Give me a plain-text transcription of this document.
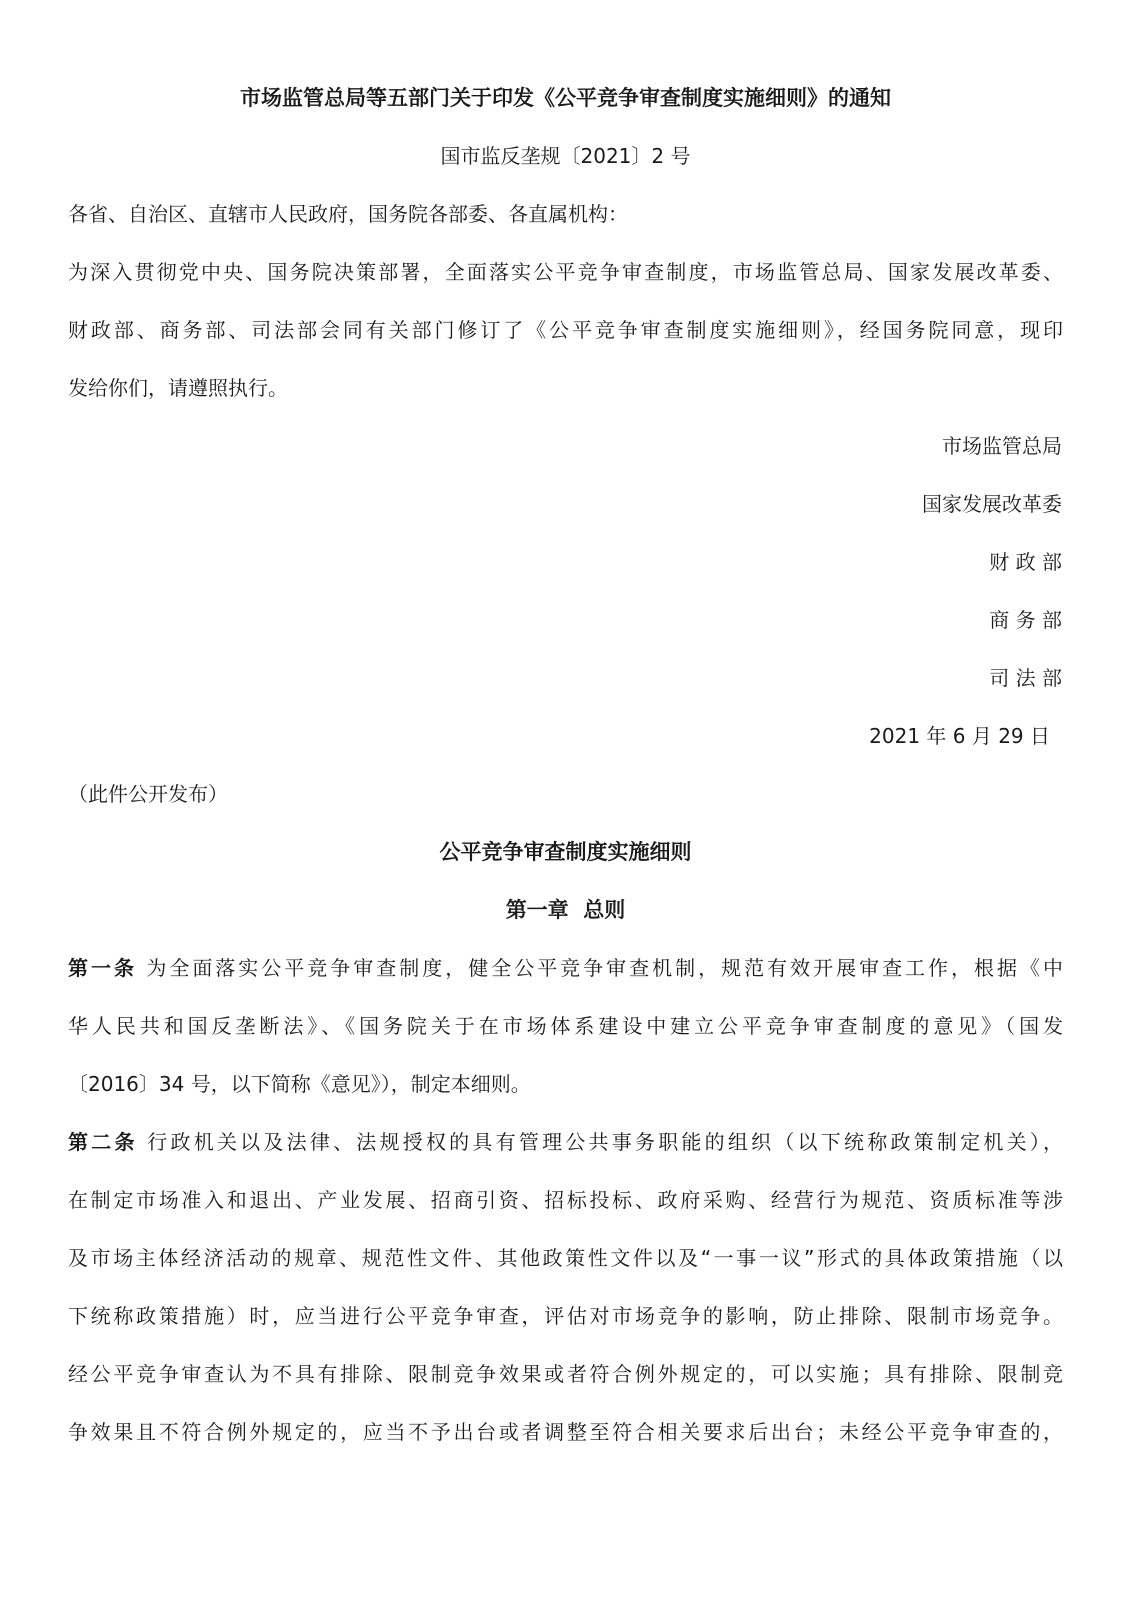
市场监管总局等五部门关于印发《公平竞争审查制度实施细则》的通知
国市监反垄规〔2021〕2 号
各省、自治区、直辖市人民政府，国务院各部委、各直属机构：
为深入贯彻党中央、国务院决策部署，全面落实公平竞争审查制度，市场监管总局、国家发展改革委、
财政部、商务部、司法部会同有关部门修订了《公平竞争审查制度实施细则》，经国务院同意，现印
发给你们，请遵照执行。
市场监管总局
国家发展改革委
财 政 部
商 务 部
司 法 部
2021 年 6 月 29 日
（此件公开发布）
公平竞争审查制度实施细则
第一章  总则
第一条 为全面落实公平竞争审查制度，健全公平竞争审查机制，规范有效开展审查工作，根据《中
华人民共和国反垄断法》、《国务院关于在市场体系建设中建立公平竞争审查制度的意见》（国发
〔2016〕34 号，以下简称《意见》），制定本细则。
第二条 行政机关以及法律、法规授权的具有管理公共事务职能的组织（以下统称政策制定机关），
在制定市场准入和退出、产业发展、招商引资、招标投标、政府采购、经营行为规范、资质标准等涉
及市场主体经济活动的规章、规范性文件、其他政策性文件以及“一事一议”形式的具体政策措施（以
下统称政策措施）时，应当进行公平竞争审查，评估对市场竞争的影响，防止排除、限制市场竞争。
经公平竞争审查认为不具有排除、限制竞争效果或者符合例外规定的，可以实施；具有排除、限制竞
争效果且不符合例外规定的，应当不予出台或者调整至符合相关要求后出台；未经公平竞争审查的，
